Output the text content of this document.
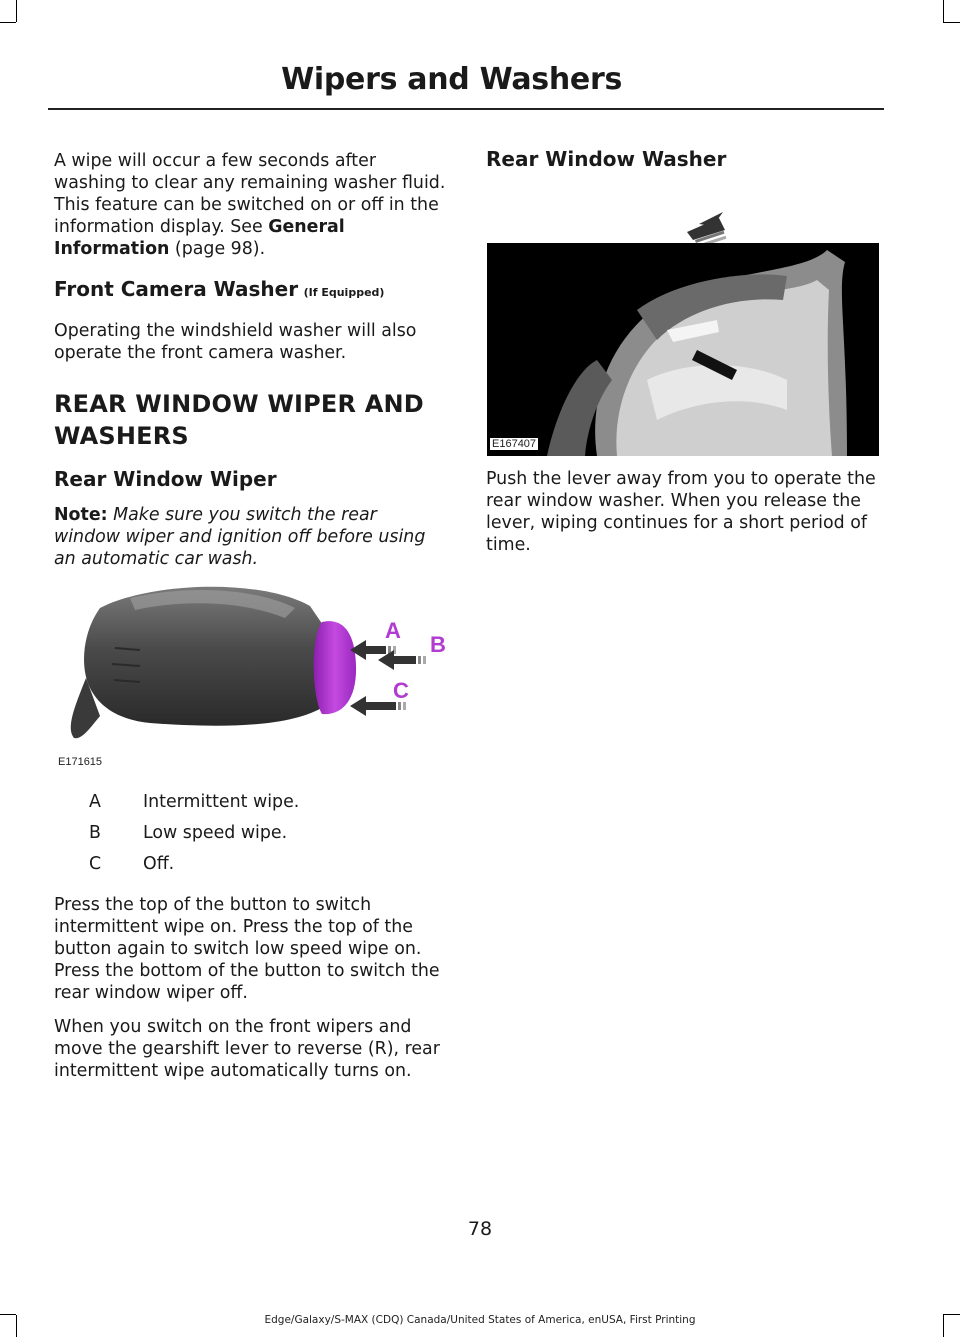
Wipers and Washers

A wipe will occur a few seconds after washing to clear any remaining washer fluid. This feature can be switched on or off in the information display. See General Information (page 98).

Front Camera Washer (If Equipped)

Operating the windshield washer will also operate the front camera washer.

REAR WINDOW WIPER AND

WASHERS

Rear Window Wiper

Note: Make sure you switch the rear window wiper and ignition off before using an automatic car wash.

A
B
C
E171615
A Intermittent wipe.
B Low speed wipe.
C Off.

Press the top of the button to switch intermittent wipe on. Press the top of the button again to switch low speed wipe on. Press the bottom of the button to switch the rear window wiper off.

When you switch on the front wipers and move the gearshift lever to reverse (R), rear intermittent wipe automatically turns on.

Rear Window Washer

E167407

Push the lever away from you to operate the rear window washer. When you release the lever, wiping continues for a short period of time.

78
Edge/Galaxy/S-MAX (CDQ) Canada/United States of America, enUSA, First Printing
